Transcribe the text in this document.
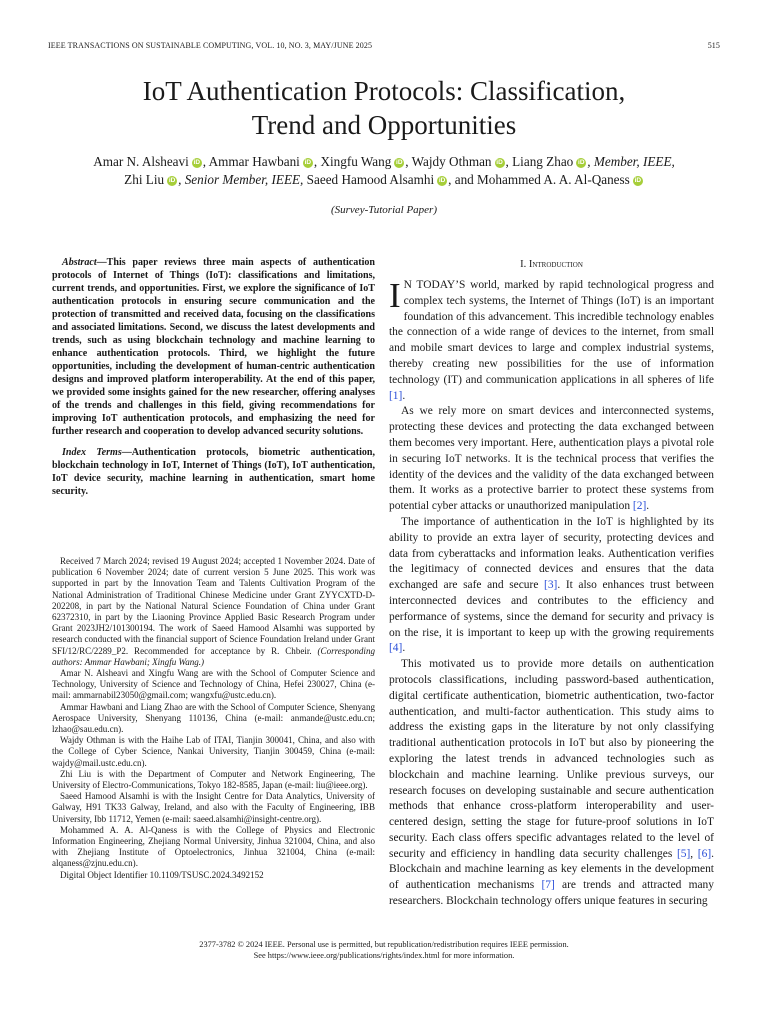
IEEE TRANSACTIONS ON SUSTAINABLE COMPUTING, VOL. 10, NO. 3, MAY/JUNE 2025	515
IoT Authentication Protocols: Classification,
Trend and Opportunities
Amar N. Alsheavi iD , Ammar Hawbani iD , Xingfu Wang iD , Wajdy Othman iD , Liang Zhao iD , Member, IEEE,
Zhi Liu iD , Senior Member, IEEE, Saeed Hamood Alsamhi iD , and Mohammed A. A. Al-Qaness iD
(Survey-Tutorial Paper)

Abstract—This paper reviews three main aspects of authentication protocols of Internet of Things (IoT): classifications and limitations, current trends, and opportunities. First, we explore the significance of IoT authentication protocols in ensuring secure communication and the protection of transmitted and received data, focusing on the classifications and associated limitations. Second, we discuss the latest developments and trends, such as using blockchain technology and machine learning to enhance authentication protocols. Third, we highlight the future opportunities, including the development of human-centric authentication designs and improved platform interoperability. At the end of this paper, we provided some insights gained for the new researcher, offering analyses of the trends and challenges in this field, giving recommendations for improving IoT authentication protocols, and emphasizing the need for further research and cooperation to develop advanced security solutions.

Index Terms—Authentication protocols, biometric authentication, blockchain technology in IoT, Internet of Things (IoT), IoT authentication, IoT device security, machine learning in authentication, smart home security.

Received 7 March 2024; revised 19 August 2024; accepted 1 November 2024. Date of publication 6 November 2024; date of current version 5 June 2025. This work was supported in part by the Innovation Team and Talents Cultivation Program of the National Administration of Traditional Chinese Medicine under Grant ZYYCXTD-D-202208, in part by the National Natural Science Foundation of China under Grant 62372310, in part by the Liaoning Province Applied Basic Research Program under Grant 2023JH2/101300194. The work of Saeed Hamood Alsamhi was supported by research conducted with the financial support of Science Foundation Ireland under Grant SFI/12/RC/2289_P2. Recommended for acceptance by R. Chbeir. (Corresponding authors: Ammar Hawbani; Xingfu Wang.)

Amar N. Alsheavi and Xingfu Wang are with the School of Computer Science and Technology, University of Science and Technology of China, Hefei 230027, China (e-mail: ammarnabil23050@gmail.com; wangxfu@ustc.edu.cn).

Ammar Hawbani and Liang Zhao are with the School of Computer Science, Shenyang Aerospace University, Shenyang 110136, China (e-mail: anmande@ustc.edu.cn; lzhao@sau.edu.cn).

Wajdy Othman is with the Haihe Lab of ITAI, Tianjin 300041, China, and also with the College of Cyber Science, Nankai University, Tianjin 300459, China (e-mail: wajdy@mail.ustc.edu.cn).

Zhi Liu is with the Department of Computer and Network Engineering, The University of Electro-Communications, Tokyo 182-8585, Japan (e-mail: liu@ieee.org).

Saeed Hamood Alsamhi is with the Insight Centre for Data Analytics, University of Galway, H91 TK33 Galway, Ireland, and also with the Faculty of Engineering, IBB University, Ibb 11712, Yemen (e-mail: saeed.alsamhi@insight-centre.org).

Mohammed A. A. Al-Qaness is with the College of Physics and Electronic Information Engineering, Zhejiang Normal University, Jinhua 321004, China, and also with Zhejiang Institute of Optoelectronics, Jinhua 321004, China (e-mail: alqaness@zjnu.edu.cn).

Digital Object Identifier 10.1109/TSUSC.2024.3492152

I. Introduction

I N TODAY’S world, marked by rapid technological progress and complex tech systems, the Internet of Things (IoT) is an important foundation of this advancement. This incredible technology enables the connection of a wide range of devices to the internet, from small and mobile smart devices to large and complex industrial systems, thereby creating new possibilities for the use of information technology (IT) and communication applications in all spheres of life [1].

As we rely more on smart devices and interconnected systems, protecting these devices and protecting the data exchanged between them becomes very important. Here, authentication plays a pivotal role in securing IoT networks. It is the technical process that verifies the identity of the devices and the validity of the data exchanged between them. It works as a protective barrier to protect these systems from potential cyber attacks or unauthorized manipulation [2].

The importance of authentication in the IoT is highlighted by its ability to provide an extra layer of security, protecting devices and data from cyberattacks and information leaks. Authentication verifies the legitimacy of connected devices and ensures that the data exchanged are safe and secure [3]. It also enhances trust between interconnected devices and contributes to the efficiency and performance of systems, since the demand for security and privacy is on the rise, it is important to keep up with the growing requirements [4].

This motivated us to provide more details on authentication protocols classifications, including password-based authentication, digital certificate authentication, biometric authentication, two-factor authentication, and multi-factor authentication. This study aims to address the existing gaps in the literature by not only classifying traditional authentication protocols in IoT but also by pioneering the exploring the latest trends in advanced technologies such as blockchain and machine learning. Unlike previous surveys, our research focuses on developing sustainable and secure authentication methods that enhance cross-platform interoperability and user-centered design, setting the stage for future-proof solutions in IoT security. Each class offers specific advantages related to the level of security and efficiency in handling data security challenges [5], [6]. Blockchain and machine learning as key elements in the development of authentication mechanisms [7] are trends and attracted many researchers. Blockchain technology offers unique features in securing

2377-3782 © 2024 IEEE. Personal use is permitted, but republication/redistribution requires IEEE permission.
See https://www.ieee.org/publications/rights/index.html for more information.
